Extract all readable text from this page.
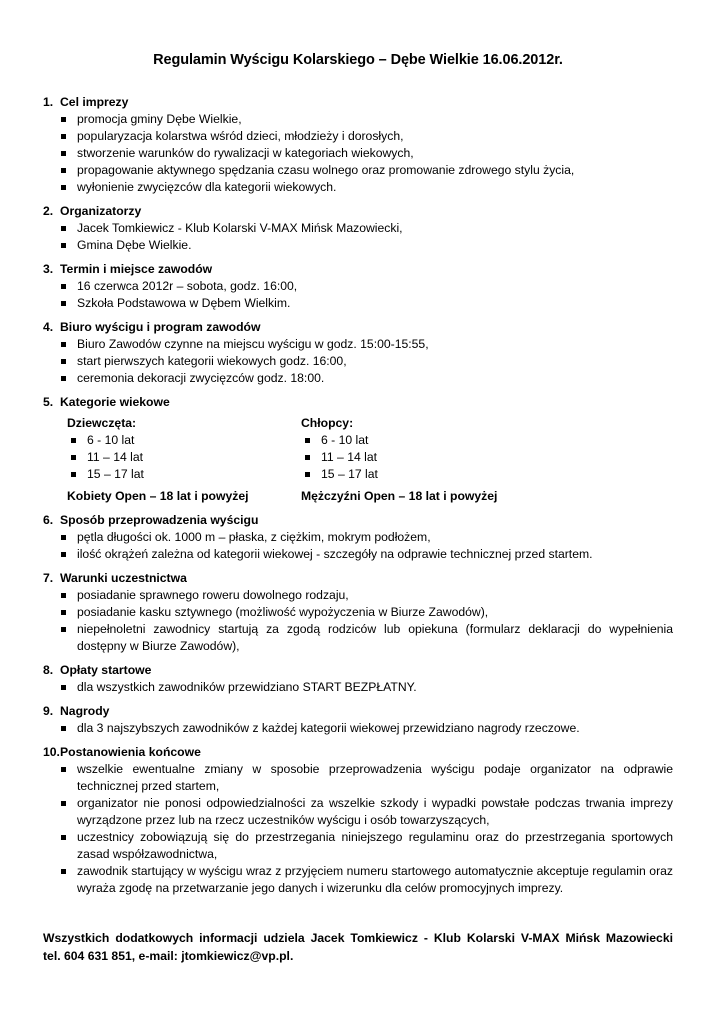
Regulamin Wyścigu Kolarskiego – Dębe Wielkie 16.06.2012r.
1. Cel imprezy
promocja gminy Dębe Wielkie,
popularyzacja kolarstwa wśród dzieci, młodzieży i dorosłych,
stworzenie warunków do rywalizacji w kategoriach wiekowych,
propagowanie aktywnego spędzania czasu wolnego oraz promowanie zdrowego stylu życia,
wyłonienie zwycięzców dla kategorii wiekowych.
2. Organizatorzy
Jacek Tomkiewicz - Klub Kolarski V-MAX Mińsk Mazowiecki,
Gmina Dębe Wielkie.
3. Termin i miejsce zawodów
16 czerwca 2012r – sobota, godz. 16:00,
Szkoła Podstawowa w Dębem Wielkim.
4. Biuro wyścigu i program zawodów
Biuro Zawodów czynne na miejscu wyścigu w godz. 15:00-15:55,
start pierwszych kategorii wiekowych godz. 16:00,
ceremonia dekoracji zwycięzców godz. 18:00.
5. Kategorie wiekowe
Dziewczęta:
6 - 10 lat
11 – 14 lat
15 – 17 lat
Chłopcy:
6 - 10 lat
11 – 14 lat
15 – 17 lat
Kobiety Open – 18 lat i powyżej	Mężczyźni Open – 18 lat i powyżej
6. Sposób przeprowadzenia wyścigu
pętla długości ok. 1000 m – płaska, z ciężkim, mokrym podłożem,
ilość okrążeń zależna od kategorii wiekowej - szczegóły na odprawie technicznej przed startem.
7. Warunki uczestnictwa
posiadanie sprawnego roweru dowolnego rodzaju,
posiadanie kasku sztywnego (możliwość wypożyczenia w Biurze Zawodów),
niepełnoletni zawodnicy startują za zgodą rodziców lub opiekuna (formularz deklaracji do wypełnienia dostępny w Biurze Zawodów),
8. Opłaty startowe
dla wszystkich zawodników przewidziano START BEZPŁATNY.
9. Nagrody
dla 3 najszybszych zawodników z każdej kategorii wiekowej przewidziano nagrody rzeczowe.
10. Postanowienia końcowe
wszelkie ewentualne zmiany w sposobie przeprowadzenia wyścigu podaje organizator na odprawie technicznej przed startem,
organizator nie ponosi odpowiedzialności za wszelkie szkody i wypadki powstałe podczas trwania imprezy wyrządzone przez lub na rzecz uczestników wyścigu i osób towarzyszących,
uczestnicy zobowiązują się do przestrzegania niniejszego regulaminu oraz do przestrzegania sportowych zasad współzawodnictwa,
zawodnik startujący w wyścigu wraz z przyjęciem numeru startowego automatycznie akceptuje regulamin oraz wyraża zgodę na przetwarzanie jego danych i wizerunku dla celów promocyjnych imprezy.
Wszystkich dodatkowych informacji udziela Jacek Tomkiewicz - Klub Kolarski V-MAX Mińsk Mazowiecki
tel. 604 631 851, e-mail: jtomkiewicz@vp.pl.
